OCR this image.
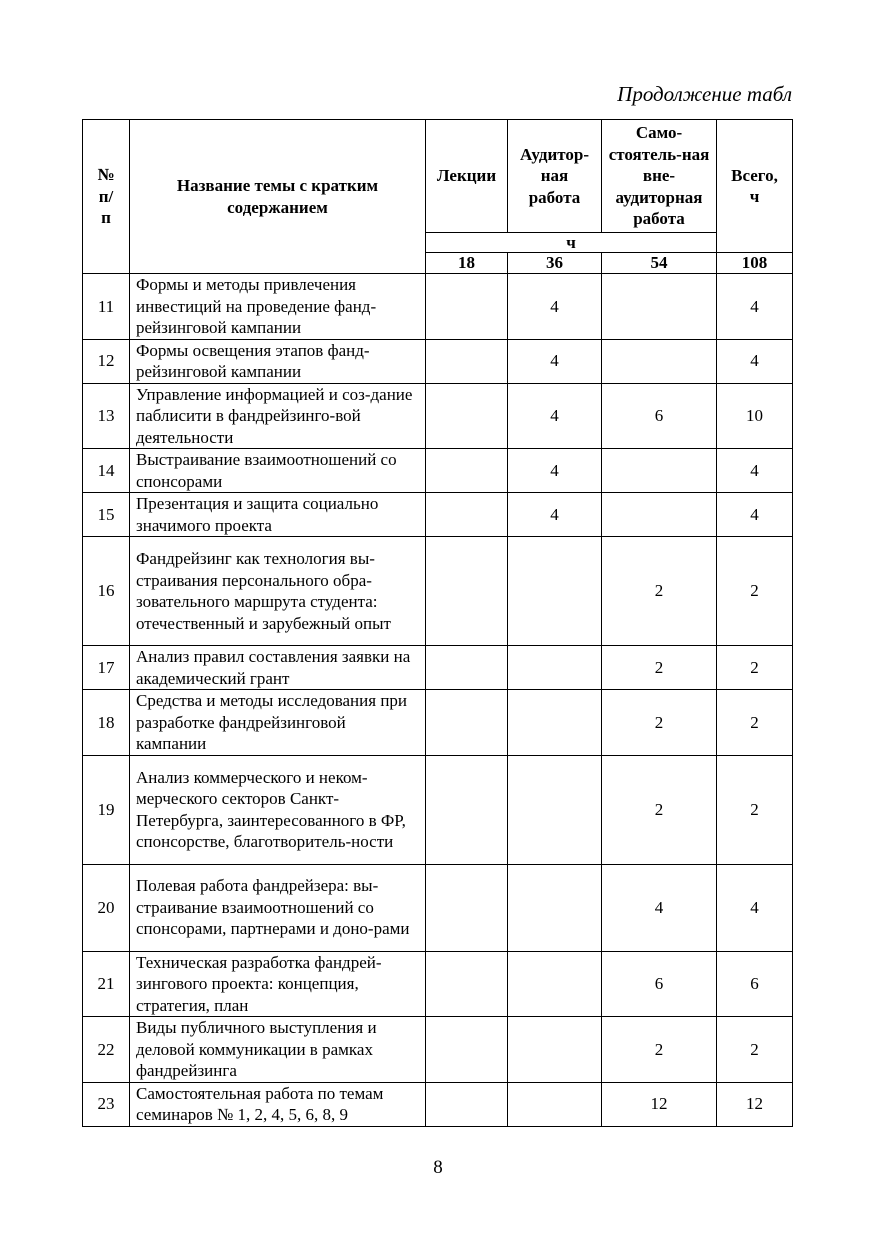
Продолжение табл
№ п/п	Название темы с кратким содержанием	Лекции	Аудитор-ная работа	Само-стоятель-ная вне-аудиторная работа	Всего, ч
		ч			
		18	36	54	108
11	Формы и методы привлечения инвестиций на проведение фанд-рейзинговой кампании		4		4
12	Формы освещения этапов фанд-рейзинговой кампании		4		4
13	Управление информацией и соз-дание паблисити в фандрейзинго-вой деятельности		4	6	10
14	Выстраивание взаимоотношений со спонсорами		4		4
15	Презентация и защита социально значимого проекта		4		4
16	Фандрейзинг как технология вы-страивания персонального обра-зовательного маршрута студента: отечественный и зарубежный опыт			2	2
17	Анализ правил составления заявки на академический грант			2	2
18	Средства и методы исследования при разработке фандрейзинговой кампании			2	2
19	Анализ коммерческого и неком-мерческого секторов Санкт-Петербурга, заинтересованного в ФР, спонсорстве, благотворитель-ности			2	2
20	Полевая работа фандрейзера: вы-страивание взаимоотношений со спонсорами, партнерами и доно-рами			4	4
21	Техническая разработка фандрей-зингового проекта: концепция, стратегия, план			6	6
22	Виды публичного выступления и деловой коммуникации в рамках фандрейзинга			2	2
23	Самостоятельная работа по темам семинаров № 1, 2, 4, 5, 6, 8, 9			12	12
8
